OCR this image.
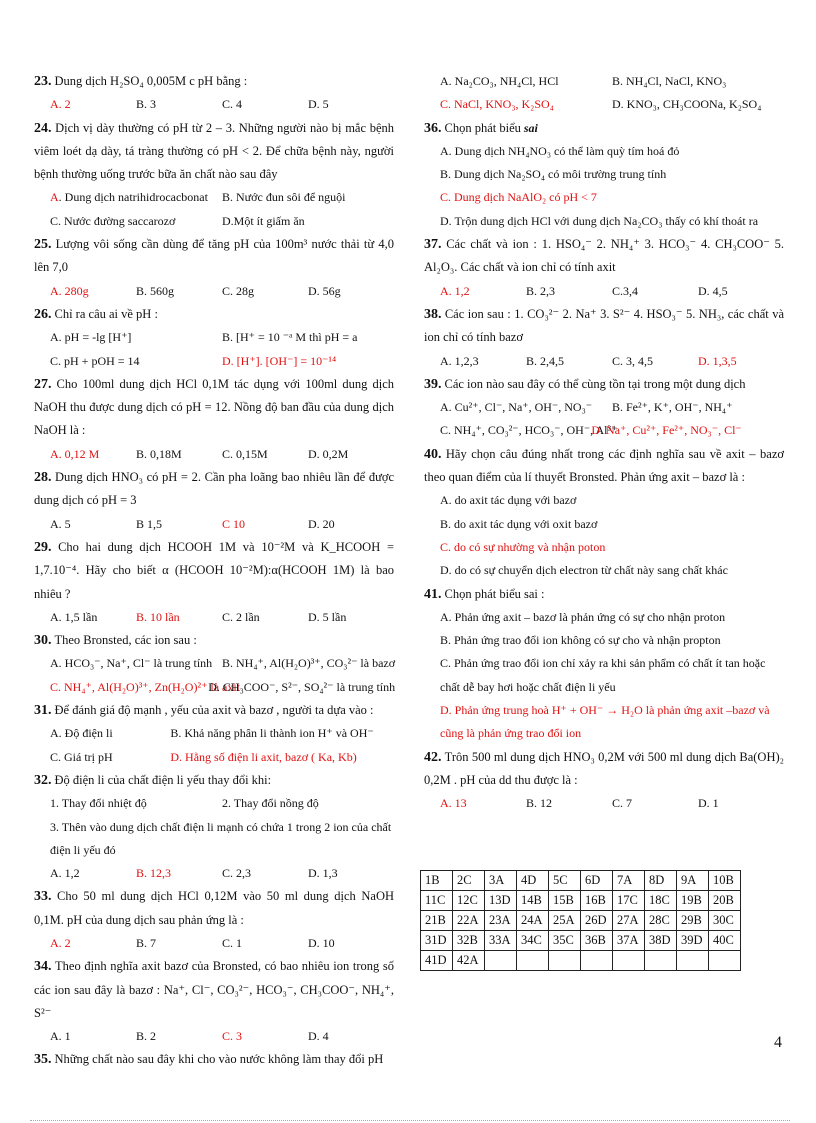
23. Dung dịch H₂SO₄ 0,005M c pH bằng :
A. 2	B. 3	C. 4	D. 5
24. Dịch vị dày thường có pH từ 2 – 3. Những người nào bị mắc bệnh viêm loét dạ dày, tá tràng thường có pH < 2. Để chữa bệnh này, người bệnh thường uống trước bữa ăn chất nào sau đây
A. Dung dịch natrihidrocacbonat	B. Nước đun sôi để nguội
C. Nước đường saccarozơ	D.Một ít giấm ăn
25. Lượng vôi sống cần dùng để tăng pH của 100m³ nước thải từ 4,0 lên 7,0
A. 280g	B. 560g	C. 28g	D. 56g
26. Chỉ ra câu ai về pH :
A. pH = -lg [H⁺]	B. [H⁺ = 10 ⁻ᵃ M thì pH = a
C. pH + pOH = 14	D. [H⁺]. [OH⁻] = 10⁻¹⁴
27. Cho 100ml dung dịch HCl 0,1M tác dụng với 100ml dung dịch NaOH thu được dung dịch có pH = 12. Nồng độ ban đầu của dung dịch NaOH là :
A. 0,12 M	B. 0,18M	C. 0,15M	D. 0,2M
28. Dung dịch HNO₃ có pH = 2. Cần pha loãng bao nhiêu lần để được dung dịch có pH = 3
A. 5	B 1,5	C 10	D. 20
29. Cho hai dung dịch HCOOH 1M và 10⁻²M và K_HCOOH = 1,7.10⁻⁴. Hãy cho biết α (HCOOH 10⁻²M):α(HCOOH 1M) là bao nhiêu ?
A. 1,5 lần	B. 10 lần	C. 2 lần	D. 5 lần
30. Theo Bronsted, các ion sau :
A. HCO₃⁻, Na⁺, Cl⁻ là trung tính B. NH₄⁺, Al(H₂O)³⁺, CO₃²⁻ là bazơ
C. NH₄⁺, Al(H₂O)³⁺, Zn(H₂O)²⁺ là axit
D. CH₃COO⁻, S²⁻, SO₄²⁻ là trung tính
31. Để đánh giá độ mạnh , yếu của axit và bazơ , người ta dựa vào :
A. Độ điện li	B. Khả năng phân li thành ion H⁺ và OH⁻
C. Giá trị pH	D. Hằng số điện li axit, bazơ ( Ka, Kb)
32. Độ điện li của chất điện li yếu thay đổi khi:
1. Thay đổi nhiệt độ	2. Thay đổi nồng độ
3. Thên vào dung dịch chất điện li mạnh có chứa 1 trong 2 ion của chất điện li yếu đó
A. 1,2	B. 12,3	C. 2,3	D. 1,3
33. Cho 50 ml dung dịch HCl 0,12M vào 50 ml dung dịch NaOH 0,1M. pH của dung dịch sau phản ứng là :
A. 2	B. 7	C. 1	D. 10
34. Theo định nghĩa axit bazơ của Bronsted, có bao nhiêu ion trong số các ion sau đây là bazơ : Na⁺, Cl⁻, CO₃²⁻, HCO₃⁻, CH₃COO⁻, NH₄⁺, S²⁻
A. 1	B. 2	C. 3	D. 4
35. Những chất nào sau đây khi cho vào nước không làm thay đổi pH
A. Na₂CO₃, NH₄Cl, HCl	B. NH₄Cl, NaCl, KNO₃
C. NaCl, KNO₃, K₂SO₄	D. KNO₃, CH₃COONa, K₂SO₄
36. Chọn phát biểu sai
A. Dung dịch NH₄NO₃ có thể làm quỳ tím hoá đỏ
B. Dung dịch Na₂SO₄ có môi trường trung tính
C. Dung dịch NaAlO₂ có pH < 7
D. Trộn dung dịch HCl với dung dịch Na₂CO₃ thấy có khí thoát ra
37. Các chất và ion : 1. HSO₄⁻ 2. NH₄⁺ 3. HCO₃⁻ 4. CH₃COO⁻ 5. Al₂O₃. Các chất và ion chỉ có tính axit
A. 1,2	B. 2,3	C.3,4	D. 4,5
38. Các ion sau : 1. CO₃²⁻ 2. Na⁺ 3. S²⁻ 4. HSO₃⁻ 5. NH₃, các chất và ion chỉ có tính bazơ
A. 1,2,3	B. 2,4,5	C. 3, 4,5	D. 1,3,5
39. Các ion nào sau đây có thể cùng tồn tại trong một dung dịch
A. Cu²⁺, Cl⁻, Na⁺, OH⁻, NO₃⁻	B. Fe²⁺, K⁺, OH⁻, NH₄⁺
C. NH₄⁺, CO₃²⁻, HCO₃⁻, OH⁻, Al³⁺
D. Na⁺, Cu²⁺, Fe²⁺, NO₃⁻, Cl⁻
40. Hãy chọn câu đúng nhất trong các định nghĩa sau về axit – bazơ theo quan điểm của lí thuyết Bronsted. Phản ứng axit – bazơ là :
A. do axit tác dụng với bazơ
B. do axit tác dụng với oxit bazơ
C. do có sự nhường và nhận poton
D. do có sự chuyển dịch electron từ chất này sang chất khác
41. Chọn phát biểu sai :
A. Phản ứng axit – bazơ là phản ứng có sự cho nhận proton
B. Phản ứng trao đổi ion không có sự cho và nhận propton
C. Phản ứng trao đổi ion chỉ xảy ra khi sản phẩm có chất ít tan hoặc chất dễ bay hơi hoặc chất điện li yếu
D. Phản ứng trung hoà H⁺ + OH⁻ → H₂O là phản ứng axit –bazơ và cũng là phản ứng trao đổi ion
42. Trôn 500 ml dung dịch HNO₃ 0,2M với 500 ml dung dịch Ba(OH)₂ 0,2M . pH của dd thu được là :
A. 13	B. 12	C. 7	D. 1
1B	2C	3A	4D	5C	6D	7A	8D	9A	10B
11C	12C	13D	14B	15B	16B	17C	18C	19B	20B
21B	22A	23A	24A	25A	26D	27A	28C	29B	30C
31D	32B	33A	34C	35C	36B	37A	38D	39D	40C
41D	42A								
4
